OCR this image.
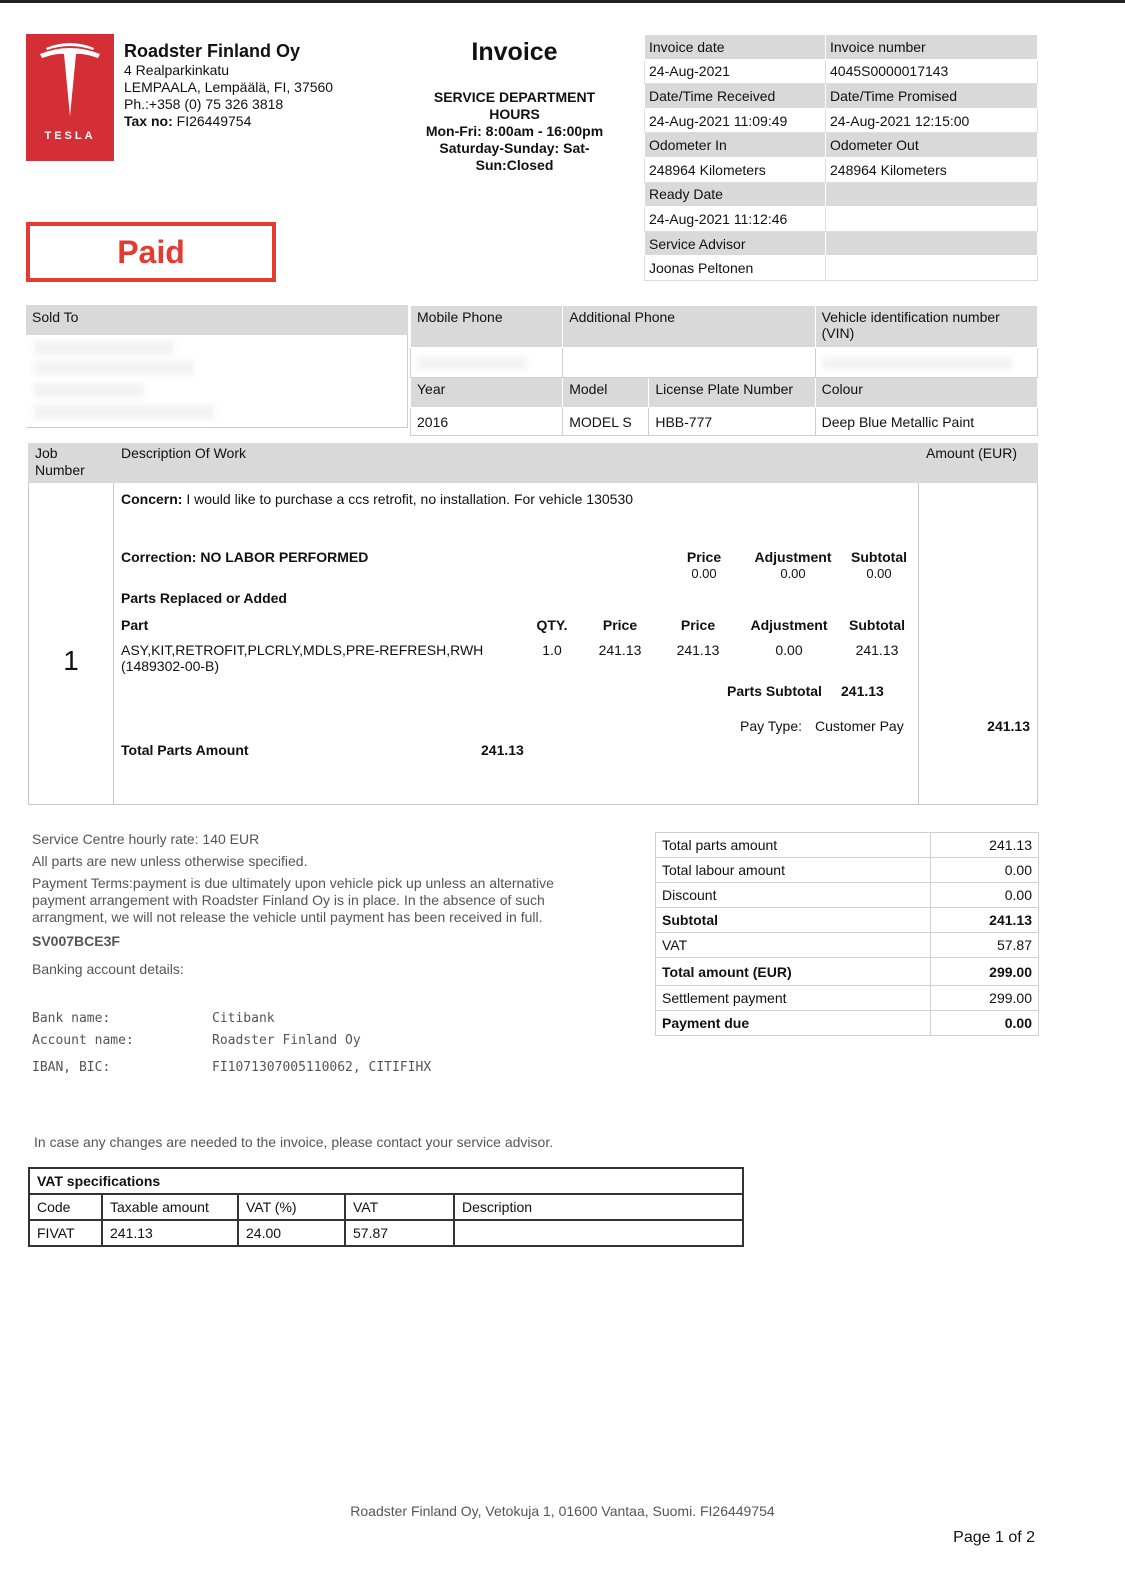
TESLA
Roadster Finland Oy
4 Realparkinkatu
LEMPAALA, Lempäälä, FI, 37560
Ph.:+358 (0) 75 326 3818
Tax no: FI26449754
Invoice
SERVICE DEPARTMENT
HOURS
Mon-Fri: 8:00am - 16:00pm
Saturday-Sunday: Sat-
Sun:Closed
Paid
Invoice date	Invoice number
24-Aug-2021	4045S0000017143
Date/Time Received	Date/Time Promised
24-Aug-2021 11:09:49	24-Aug-2021 12:15:00
Odometer In	Odometer Out
248964 Kilometers	248964 Kilometers
Ready Date	
24-Aug-2021 11:12:46	
Service Advisor	
Joonas Peltonen	
Sold To	Mobile Phone	Additional Phone		Vehicle identification number (VIN)

Year	Model	License Plate Number	Colour
2016	MODEL S	HBB-777	Deep Blue Metallic Paint
Job
Number
Description Of Work	Amount (EUR)
1
Concern: I would like to purchase a ccs retrofit, no installation. For vehicle 130530
Correction: NO LABOR PERFORMED	Price	Adjustment	Subtotal
0.00	0.00	0.00
Parts Replaced or Added
Part	QTY.	Price	Price	Adjustment	Subtotal
ASY,KIT,RETROFIT,PLCRLY,MDLS,PRE-REFRESH,RWH
(1489302-00-B)
1.0	241.13	241.13	0.00	241.13
Parts Subtotal 241.13
Pay Type: Customer Pay	241.13
Total Parts Amount	241.13
Service Centre hourly rate: 140 EUR
All parts are new unless otherwise specified.
Payment Terms:payment is due ultimately upon vehicle pick up unless an alternative payment arrangement with Roadster Finland Oy is in place. In the absence of such arrangment, we will not release the vehicle until payment has been received in full.
SV007BCE3F
Banking account details:
Bank name:	Citibank
Account name:	Roadster Finland Oy
IBAN, BIC:	FI1071307005110062, CITIFIHX
Total parts amount	241.13
Total labour amount	0.00
Discount	0.00
Subtotal	241.13
VAT	57.87
Total amount (EUR)	299.00
Settlement payment	299.00
Payment due	0.00
In case any changes are needed to the invoice, please contact your service advisor.
VAT specifications				
Code	Taxable amount	VAT (%)	VAT	Description
FIVAT	241.13	24.00	57.87	
Roadster Finland Oy, Vetokuja 1, 01600 Vantaa, Suomi. FI26449754
Page 1 of 2
